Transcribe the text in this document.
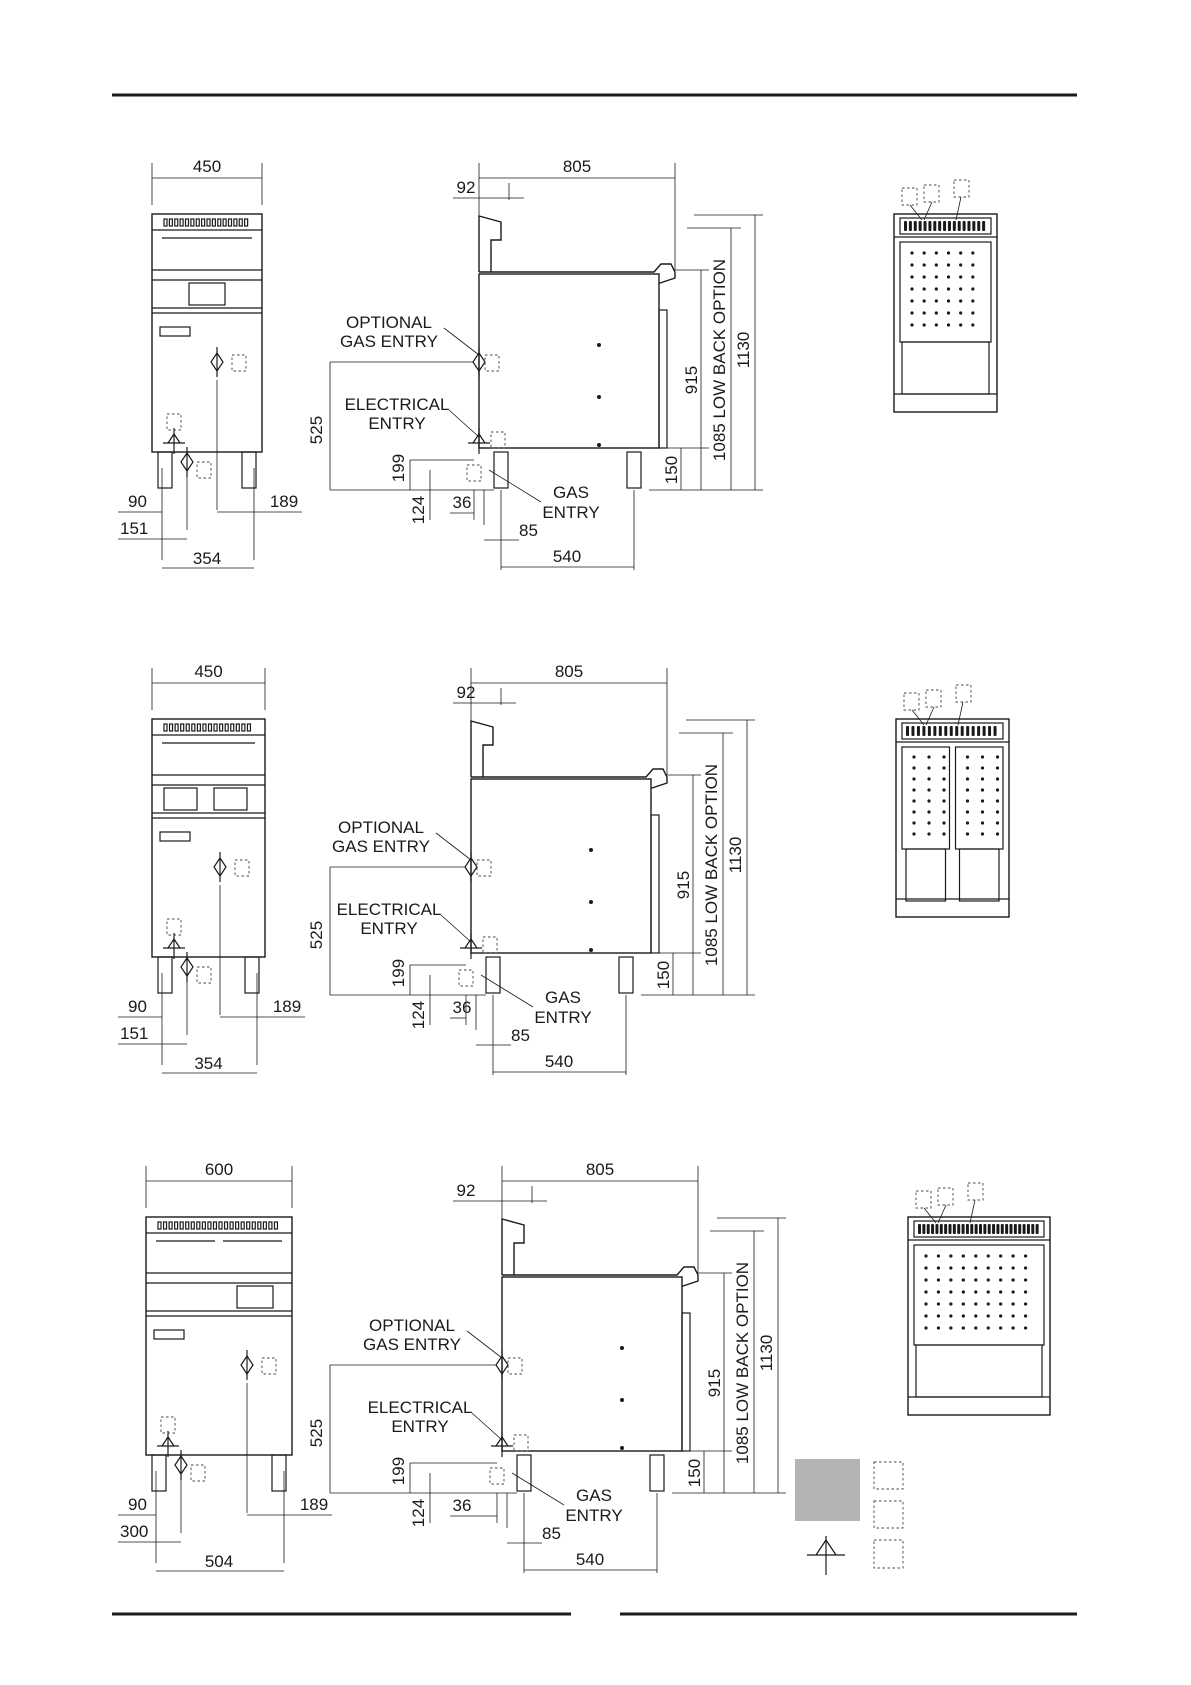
450
90	189
151
354
805
92
915 1085 LOW BACK OPTION 1130
150
525
199
124 36
85
540
OPTIONAL
GAS ENTRY
ELECTRICAL
ENTRY
GAS
ENTRY
450
90	189
151
354
805
92
915 1085 LOW BACK OPTION 1130
150
525
199
124 36
85
540
OPTIONAL
GAS ENTRY
ELECTRICAL
ENTRY
GAS
ENTRY
600
90	189
300
504
805
92
915 1085 LOW BACK OPTION 1130
150
525
199
124 36
85
540
OPTIONAL
GAS ENTRY
ELECTRICAL
ENTRY
GAS
ENTRY
